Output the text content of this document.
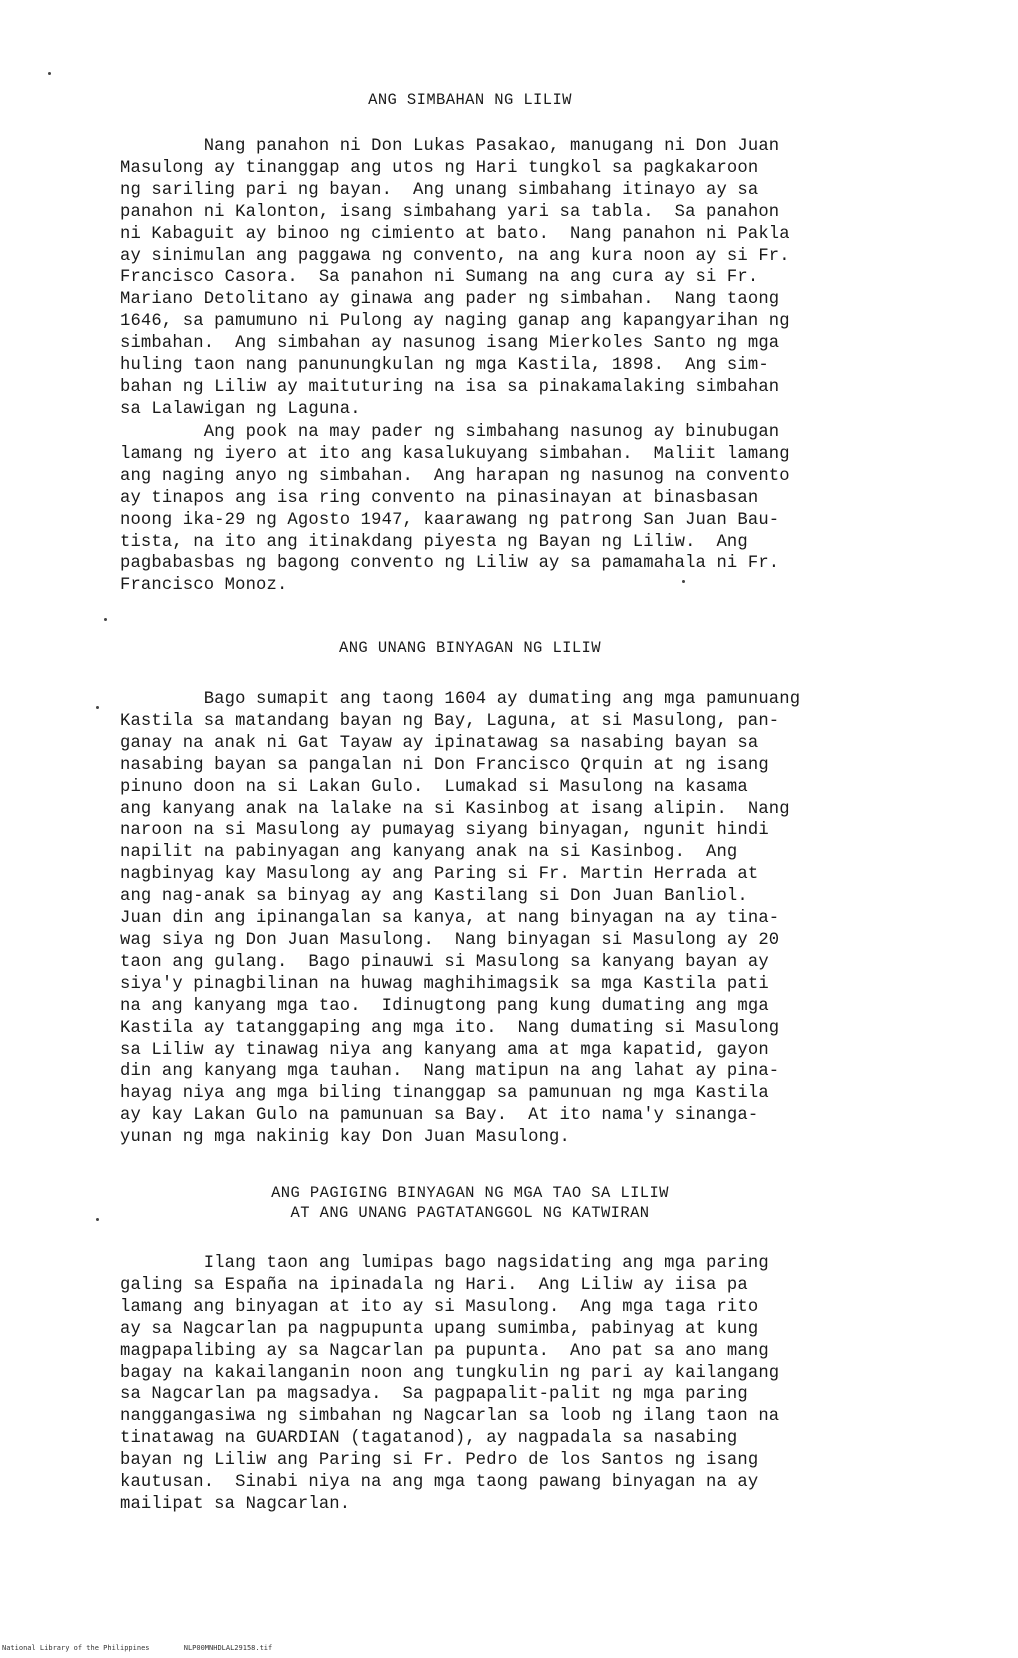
ANG SIMBAHAN NG LILIW
Nang panahon ni Don Lukas Pasakao, manugang ni Don Juan
Masulong ay tinanggap ang utos ng Hari tungkol sa pagkakaroon
ng sariling pari ng bayan.  Ang unang simbahang itinayo ay sa
panahon ni Kalonton, isang simbahang yari sa tabla.  Sa panahon
ni Kabaguit ay binoo ng cimiento at bato.  Nang panahon ni Pakla
ay sinimulan ang paggawa ng convento, na ang kura noon ay si Fr.
Francisco Casora.  Sa panahon ni Sumang na ang cura ay si Fr.
Mariano Detolitano ay ginawa ang pader ng simbahan.  Nang taong
1646, sa pamumuno ni Pulong ay naging ganap ang kapangyarihan ng
simbahan.  Ang simbahan ay nasunog isang Mierkoles Santo ng mga
huling taon nang panunungkulan ng mga Kastila, 1898.  Ang sim-
bahan ng Liliw ay maituturing na isa sa pinakamalaking simbahan
sa Lalawigan ng Laguna.
Ang pook na may pader ng simbahang nasunog ay binubugan
lamang ng iyero at ito ang kasalukuyang simbahan.  Maliit lamang
ang naging anyo ng simbahan.  Ang harapan ng nasunog na convento
ay tinapos ang isa ring convento na pinasinayan at binasbasan
noong ika-29 ng Agosto 1947, kaarawang ng patrong San Juan Bau-
tista, na ito ang itinakdang piyesta ng Bayan ng Liliw.  Ang
pagbabasbas ng bagong convento ng Liliw ay sa pamamahala ni Fr.
Francisco Monoz.
ANG UNANG BINYAGAN NG LILIW
Bago sumapit ang taong 1604 ay dumating ang mga pamunuang
Kastila sa matandang bayan ng Bay, Laguna, at si Masulong, pan-
ganay na anak ni Gat Tayaw ay ipinatawag sa nasabing bayan sa
nasabing bayan sa pangalan ni Don Francisco Qrquin at ng isang
pinuno doon na si Lakan Gulo.  Lumakad si Masulong na kasama
ang kanyang anak na lalake na si Kasinbog at isang alipin.  Nang
naroon na si Masulong ay pumayag siyang binyagan, ngunit hindi
napilit na pabinyagan ang kanyang anak na si Kasinbog.  Ang
nagbinyag kay Masulong ay ang Paring si Fr. Martin Herrada at
ang nag-anak sa binyag ay ang Kastilang si Don Juan Banliol.
Juan din ang ipinangalan sa kanya, at nang binyagan na ay tina-
wag siya ng Don Juan Masulong.  Nang binyagan si Masulong ay 20
taon ang gulang.  Bago pinauwi si Masulong sa kanyang bayan ay
siya'y pinagbilinan na huwag maghihimagsik sa mga Kastila pati
na ang kanyang mga tao.  Idinugtong pang kung dumating ang mga
Kastila ay tatanggaping ang mga ito.  Nang dumating si Masulong
sa Liliw ay tinawag niya ang kanyang ama at mga kapatid, gayon
din ang kanyang mga tauhan.  Nang matipun na ang lahat ay pina-
hayag niya ang mga biling tinanggap sa pamunuan ng mga Kastila
ay kay Lakan Gulo na pamunuan sa Bay.  At ito nama'y sinanga-
yunan ng mga nakinig kay Don Juan Masulong.
ANG PAGIGING BINYAGAN NG MGA TAO SA LILIW
AT ANG UNANG PAGTATANGGOL NG KATWIRAN
Ilang taon ang lumipas bago nagsidating ang mga paring
galing sa España na ipinadala ng Hari.  Ang Liliw ay iisa pa
lamang ang binyagan at ito ay si Masulong.  Ang mga taga rito
ay sa Nagcarlan pa nagpupunta upang sumimba, pabinyag at kung
magpapalibing ay sa Nagcarlan pa pupunta.  Ano pat sa ano mang
bagay na kakailanganin noon ang tungkulin ng pari ay kailangang
sa Nagcarlan pa magsadya.  Sa pagpapalit-palit ng mga paring
nanggangasiwa ng simbahan ng Nagcarlan sa loob ng ilang taon na
tinatawag na GUARDIAN (tagatanod), ay nagpadala sa nasabing
bayan ng Liliw ang Paring si Fr. Pedro de los Santos ng isang
kautusan.  Sinabi niya na ang mga taong pawang binyagan na ay
mailipat sa Nagcarlan.
National Library of the Philippines	NLP00MNHDLAL29158.tif
